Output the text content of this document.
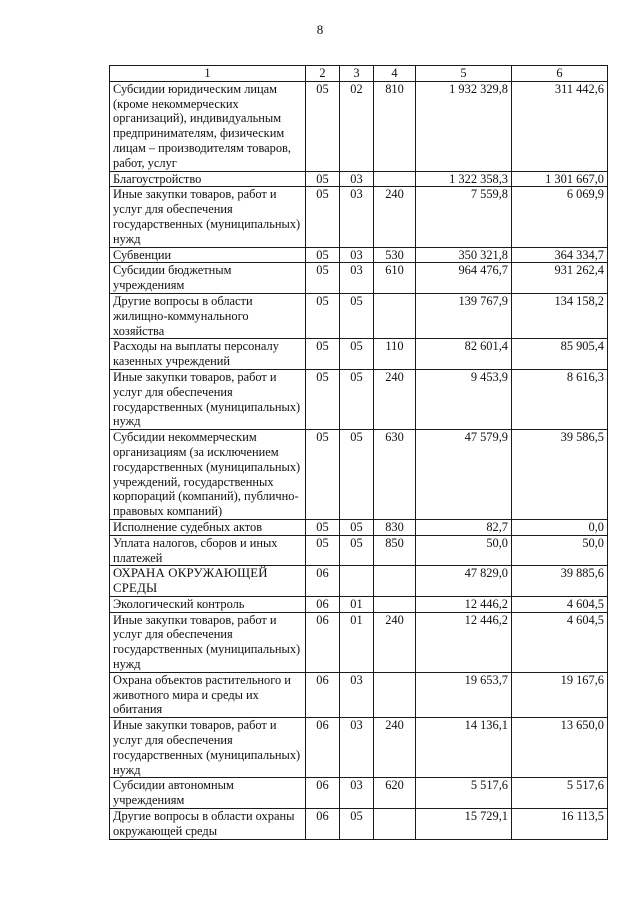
8
1	2	3	4	5	6
Субсидии юридическим лицам (кроме некоммерческих организаций), индивидуальным предпринимателям, физическим лицам – производителям товаров, работ, услуг	05	02	810	1 932 329,8	311 442,6
Благоустройство	05	03		1 322 358,3	1 301 667,0
Иные закупки товаров, работ и услуг для обеспечения государственных (муниципальных) нужд	05	03	240	7 559,8	6 069,9
Субвенции	05	03	530	350 321,8	364 334,7
Субсидии бюджетным учреждениям	05	03	610	964 476,7	931 262,4
Другие вопросы в области жилищно-коммунального хозяйства	05	05		139 767,9	134 158,2
Расходы на выплаты персоналу казенных учреждений	05	05	110	82 601,4	85 905,4
Иные закупки товаров, работ и услуг для обеспечения государственных (муниципальных) нужд	05	05	240	9 453,9	8 616,3
Субсидии некоммерческим организациям (за исключением государственных (муниципальных) учреждений, государственных корпораций (компаний), публично-правовых компаний)	05	05	630	47 579,9	39 586,5
Исполнение судебных актов	05	05	830	82,7	0,0
Уплата налогов, сборов и иных платежей	05	05	850	50,0	50,0
ОХРАНА ОКРУЖАЮЩЕЙ СРЕДЫ	06			47 829,0	39 885,6
Экологический контроль	06	01		12 446,2	4 604,5
Иные закупки товаров, работ и услуг для обеспечения государственных (муниципальных) нужд	06	01	240	12 446,2	4 604,5
Охрана объектов растительного и животного мира и среды их обитания	06	03		19 653,7	19 167,6
Иные закупки товаров, работ и услуг для обеспечения государственных (муниципальных) нужд	06	03	240	14 136,1	13 650,0
Субсидии автономным учреждениям	06	03	620	5 517,6	5 517,6
Другие вопросы в области охраны окружающей среды	06	05		15 729,1	16 113,5
